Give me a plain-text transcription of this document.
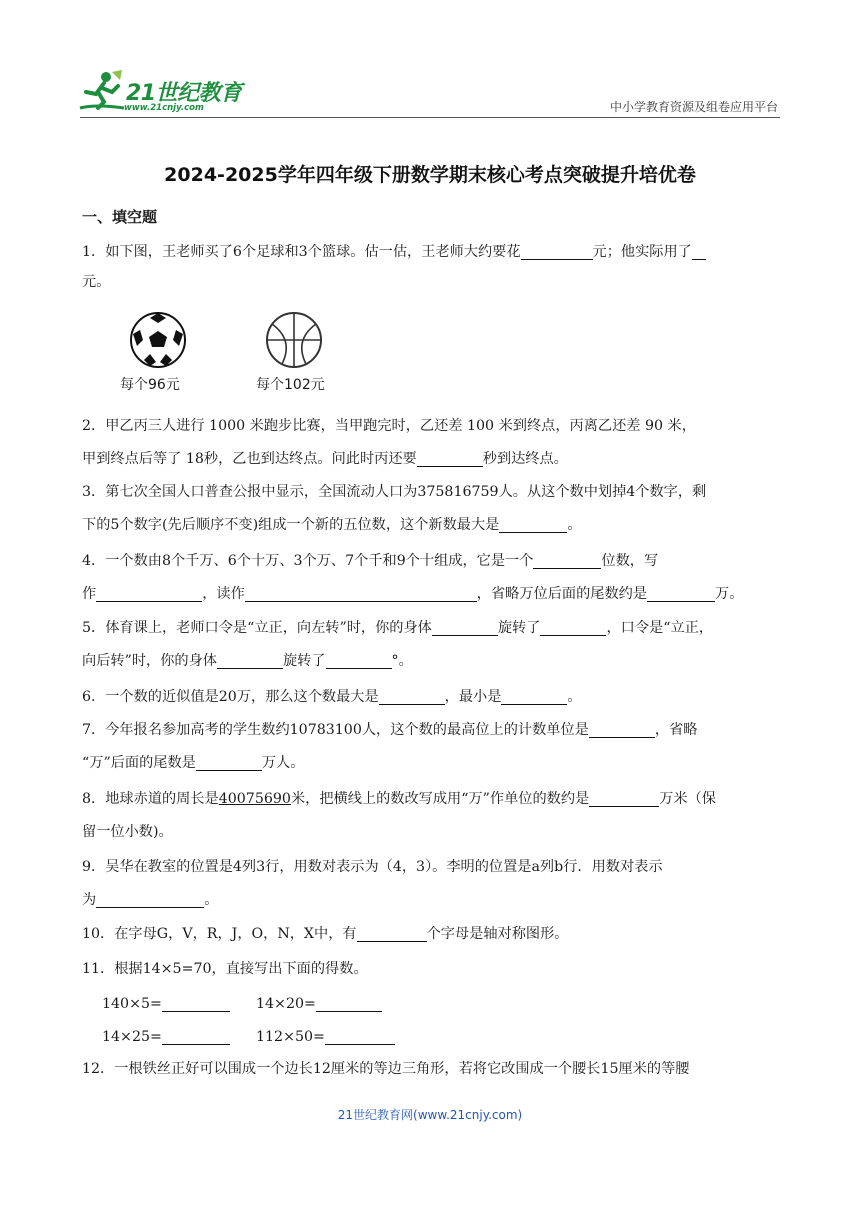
21世纪教育
www.21cnjy.com	中小学教育资源及组卷应用平台
2024-2025学年四年级下册数学期末核心考点突破提升培优卷
一、填空题
1．如下图，王老师买了6个足球和3个篮球。估一估，王老师大约要花	元；他实际用了
元。
每个96元	每个102元
2．甲乙丙三人进行 1000 米跑步比赛，当甲跑完时，乙还差 100 米到终点，丙离乙还差 90 米，
甲到终点后等了 18秒，乙也到达终点。问此时丙还要	秒到达终点。
3．第七次全国人口普查公报中显示，全国流动人口为375816759人。从这个数中划掉4个数字，剩
下的5个数字(先后顺序不变)组成一个新的五位数，这个新数最大是	。
4．一个数由8个千万、6个十万、3个万、7个千和9个十组成，它是一个	位数，写
作	，读作	，省略万位后面的尾数约是	万。
5．体育课上，老师口令是“立正，向左转”时，你的身体	旋转了	，口令是“立正，
向后转”时，你的身体	旋转了	°。
6．一个数的近似值是20万，那么这个数最大是	，最小是	。
7．今年报名参加高考的学生数约10783100人，这个数的最高位上的计数单位是	，省略
“万”后面的尾数是	万人。
8．地球赤道的周长是40075690米，把横线上的数改写成用“万”作单位的数约是	万米（保
留一位小数)。
9．吴华在教室的位置是4列3行，用数对表示为（4，3）。李明的位置是a列b行．用数对表示
为	。
10．在字母G，V，R，J，O，N，X中，有	个字母是轴对称图形。
11．根据14×5=70，直接写出下面的得数。
140×5=	14×20=
14×25=	112×50=
12．一根铁丝正好可以围成一个边长12厘米的等边三角形，若将它改围成一个腰长15厘米的等腰
21世纪教育网(www.21cnjy.com)
